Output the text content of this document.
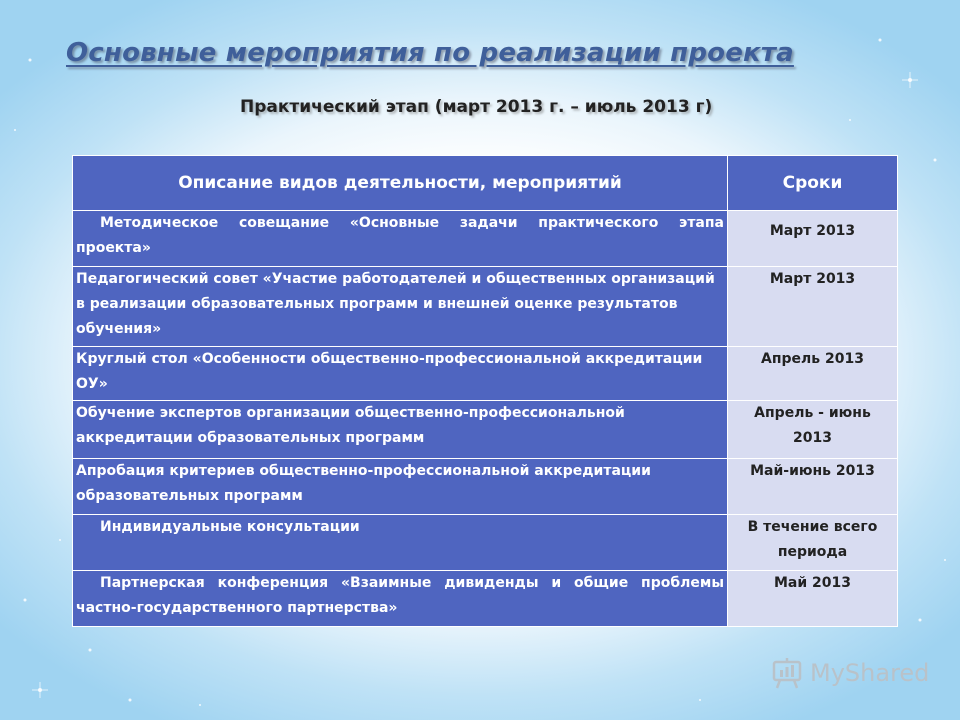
Основные мероприятия по реализации проекта
Практический этап (март 2013 г. – июль 2013 г)
Описание видов деятельности, мероприятий	Сроки
Методическое совещание «Основные задачи практического этапа проекта»	Март 2013
Педагогический совет «Участие работодателей и общественных организаций в реализации образовательных программ и внешней оценке результатов обучения»	Март 2013
Круглый стол «Особенности общественно-профессиональной аккредитации ОУ»	Апрель 2013
Обучение экспертов организации общественно-профессиональной аккредитации образовательных программ	Апрель - июнь 2013
Апробация критериев общественно-профессиональной аккредитации образовательных программ	Май-июнь 2013
Индивидуальные консультации	В течение всего периода
Партнерская конференция «Взаимные дивиденды и общие проблемы частно-государственного партнерства»	Май 2013
MyShared
